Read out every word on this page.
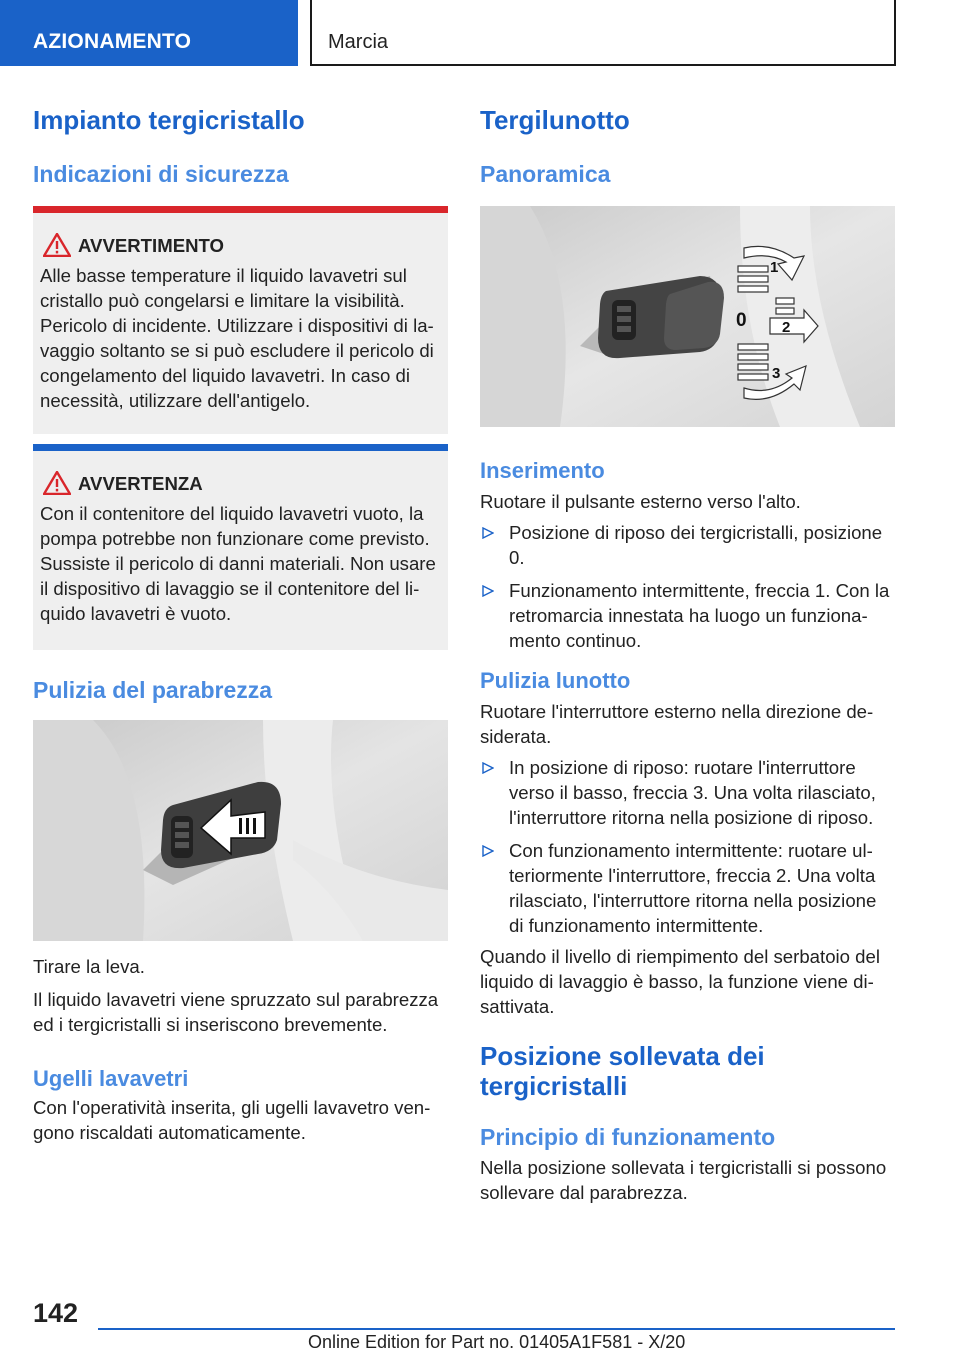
AZIONAMENTO	Marcia
Impianto tergicristallo
Indicazioni di sicurezza
AVVERTIMENTO

Alle basse temperature il liquido lavavetri sul cristallo può congelarsi e limitare la visibilità. Pericolo di incidente. Utilizzare i dispositivi di lavaggio soltanto se si può escludere il pericolo di congelamento del liquido lavavetri. In caso di necessità, utilizzare dell'antigelo.

AVVERTENZA

Con il contenitore del liquido lavavetri vuoto, la pompa potrebbe non funzionare come previsto. Sussiste il pericolo di danni materiali. Non usare il dispositivo di lavaggio se il contenitore del liquido lavavetri è vuoto.

Pulizia del parabrezza

Tirare la leva.

Il liquido lavavetri viene spruzzato sul parabrezza ed i tergicristalli si inseriscono brevemente.

Ugelli lavavetri

Con l'operatività inserita, gli ugelli lavavetro vengono riscaldati automaticamente.

Tergilunotto
Panoramica
1
0 2
3
Inserimento

Ruotare il pulsante esterno verso l'alto.

Posizione di riposo dei tergicristalli, posizione 0.
Funzionamento intermittente, freccia 1. Con la retromarcia innestata ha luogo un funzionamento continuo.
Pulizia lunotto

Ruotare l'interruttore esterno nella direzione desiderata.

In posizione di riposo: ruotare l'interruttore verso il basso, freccia 3. Una volta rilasciato, l'interruttore ritorna nella posizione di riposo.
Con funzionamento intermittente: ruotare ulteriormente l'interruttore, freccia 2. Una volta rilasciato, l'interruttore ritorna nella posizione di funzionamento intermittente.

Quando il livello di riempimento del serbatoio del liquido di lavaggio è basso, la funzione viene disattivata.

Posizione sollevata dei tergicristalli
Principio di funzionamento

Nella posizione sollevata i tergicristalli si possono sollevare dal parabrezza.

142
Online Edition for Part no. 01405A1F581 - X/20
